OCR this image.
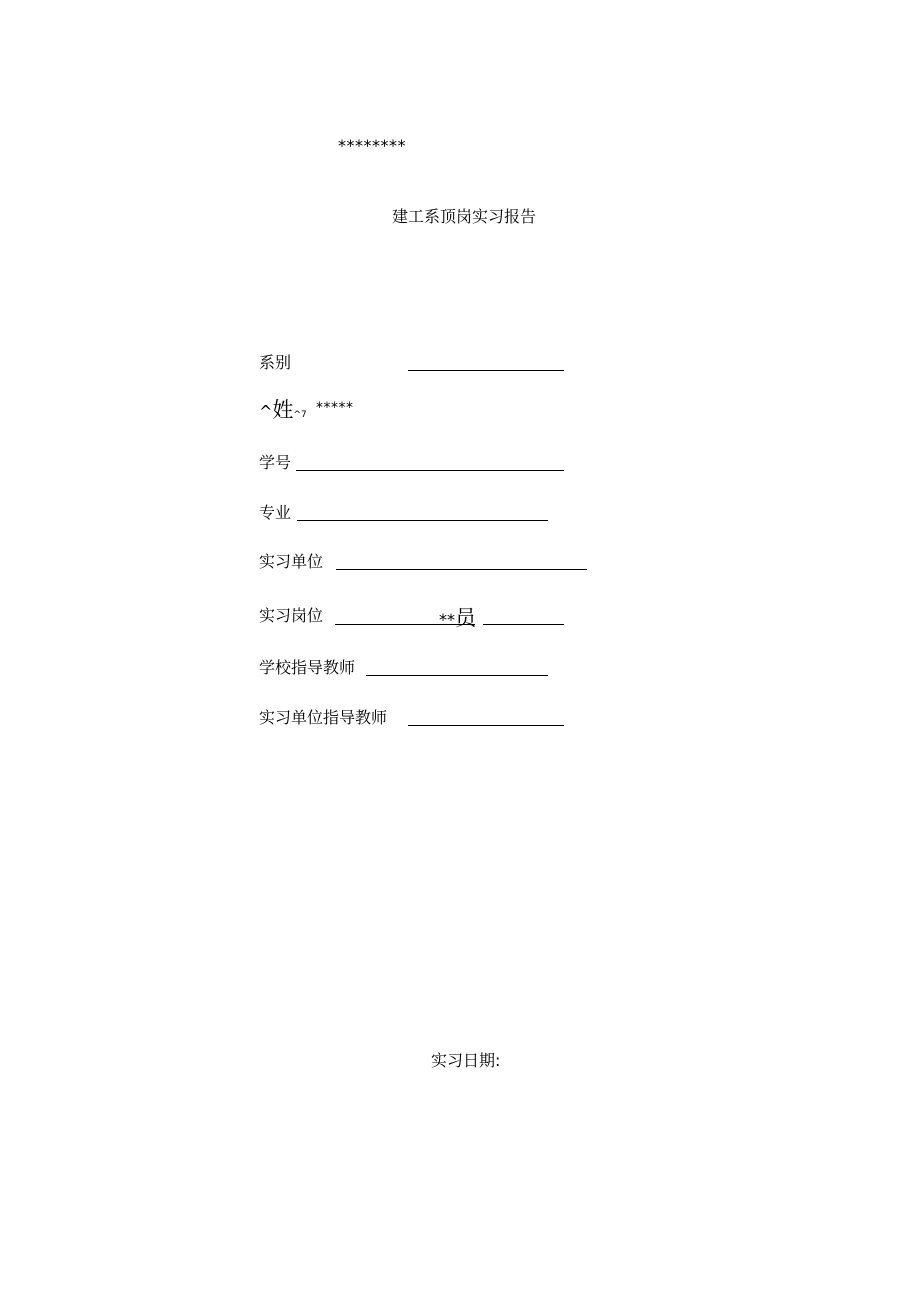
********
建工系顶岗实习报告
系别
^姓^7 *****
学号
专业
实习单位
实习岗位	**员
学校指导教师
实习单位指导教师
实习日期:
